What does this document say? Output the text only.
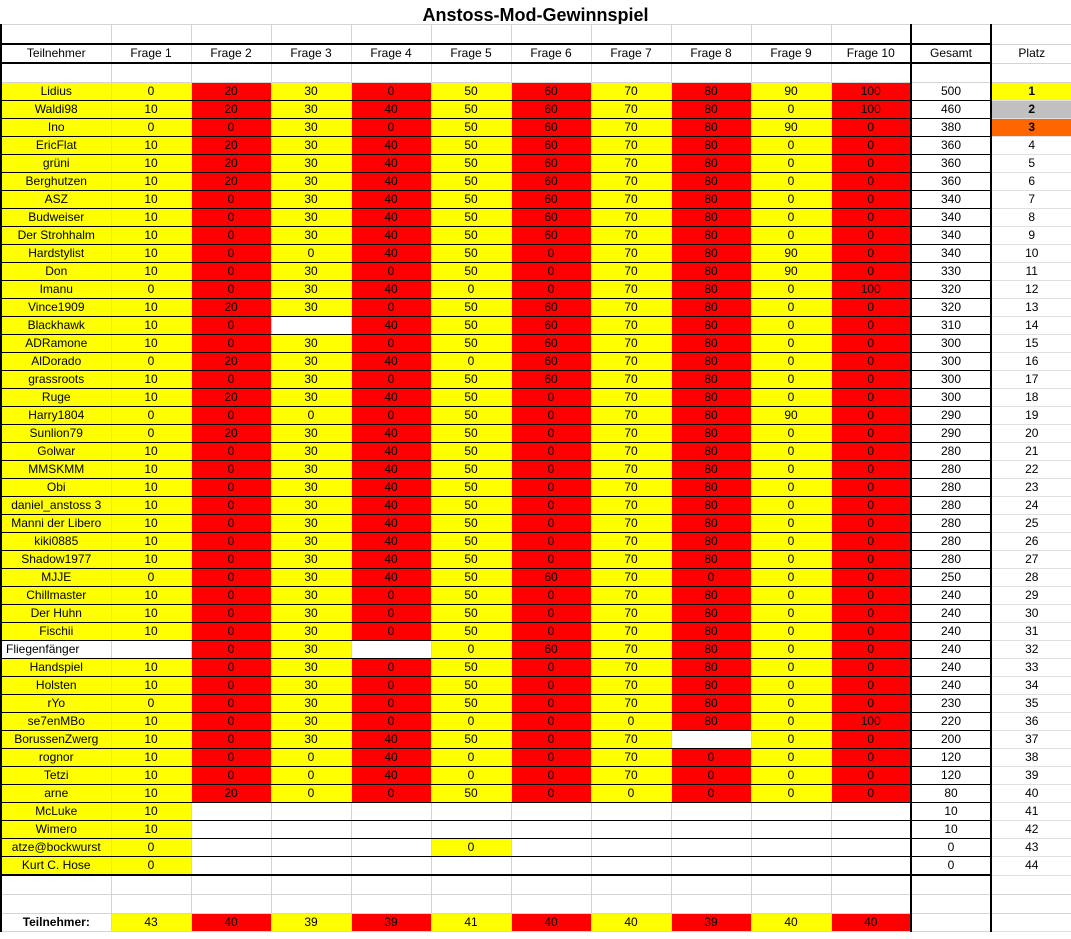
Anstoss-Mod-Gewinnspiel

Teilnehmer	Frage 1	Frage 2	Frage 3	Frage 4	Frage 5	Frage 6	Frage 7	Frage 8	Frage 9	Frage 10	Gesamt	Platz

Lidius	0	20	30	0	50	60	70	80	90	100	500	1
Waldi98	10	20	30	40	50	60	70	80	0	100	460	2
Ino	0	0	30	0	50	60	70	80	90	0	380	3
EricFlat	10	20	30	40	50	60	70	80	0	0	360	4
grüni	10	20	30	40	50	60	70	80	0	0	360	5
Berghutzen	10	20	30	40	50	60	70	80	0	0	360	6
ASZ	10	0	30	40	50	60	70	80	0	0	340	7
Budweiser	10	0	30	40	50	60	70	80	0	0	340	8
Der Strohhalm	10	0	30	40	50	60	70	80	0	0	340	9
Hardstylist	10	0	0	40	50	0	70	80	90	0	340	10
Don	10	0	30	0	50	0	70	80	90	0	330	11
Imanu	0	0	30	40	0	0	70	80	0	100	320	12
Vince1909	10	20	30	0	50	60	70	80	0	0	320	13
Blackhawk	10	0		40	50	60	70	80	0	0	310	14
ADRamone	10	0	30	0	50	60	70	80	0	0	300	15
AlDorado	0	20	30	40	0	60	70	80	0	0	300	16
grassroots	10	0	30	0	50	60	70	80	0	0	300	17
Ruge	10	20	30	40	50	0	70	80	0	0	300	18
Harry1804	0	0	0	0	50	0	70	80	90	0	290	19
Sunlion79	0	20	30	40	50	0	70	80	0	0	290	20
Golwar	10	0	30	40	50	0	70	80	0	0	280	21
MMSKMM	10	0	30	40	50	0	70	80	0	0	280	22
Obi	10	0	30	40	50	0	70	80	0	0	280	23
daniel_anstoss 3	10	0	30	40	50	0	70	80	0	0	280	24
Manni der Libero	10	0	30	40	50	0	70	80	0	0	280	25
kiki0885	10	0	30	40	50	0	70	80	0	0	280	26
Shadow1977	10	0	30	40	50	0	70	80	0	0	280	27
MJJE	0	0	30	40	50	60	70	0	0	0	250	28
Chillmaster	10	0	30	0	50	0	70	80	0	0	240	29
Der Huhn	10	0	30	0	50	0	70	80	0	0	240	30
Fischii	10	0	30	0	50	0	70	80	0	0	240	31
Fliegenfänger		0	30		0	60	70	80	0	0	240	32
Handspiel	10	0	30	0	50	0	70	80	0	0	240	33
Holsten	10	0	30	0	50	0	70	80	0	0	240	34
rYo	0	0	30	0	50	0	70	80	0	0	230	35
se7enMBo	10	0	30	0	0	0	0	80	0	100	220	36
BorussenZwerg	10	0	30	40	50	0	70		0	0	200	37
rognor	10	0	0	40	0	0	70	0	0	0	120	38
Tetzi	10	0	0	40	0	0	70	0	0	0	120	39
arne	10	20	0	0	50	0	0	0	0	0	80	40
McLuke	10										10	41
Wimero	10										10	42
atze@bockwurst	0				0						0	43
Kurt C. Hose	0										0	44

Teilnehmer:	43	40	39	39	41	40	40	39	40	40		
